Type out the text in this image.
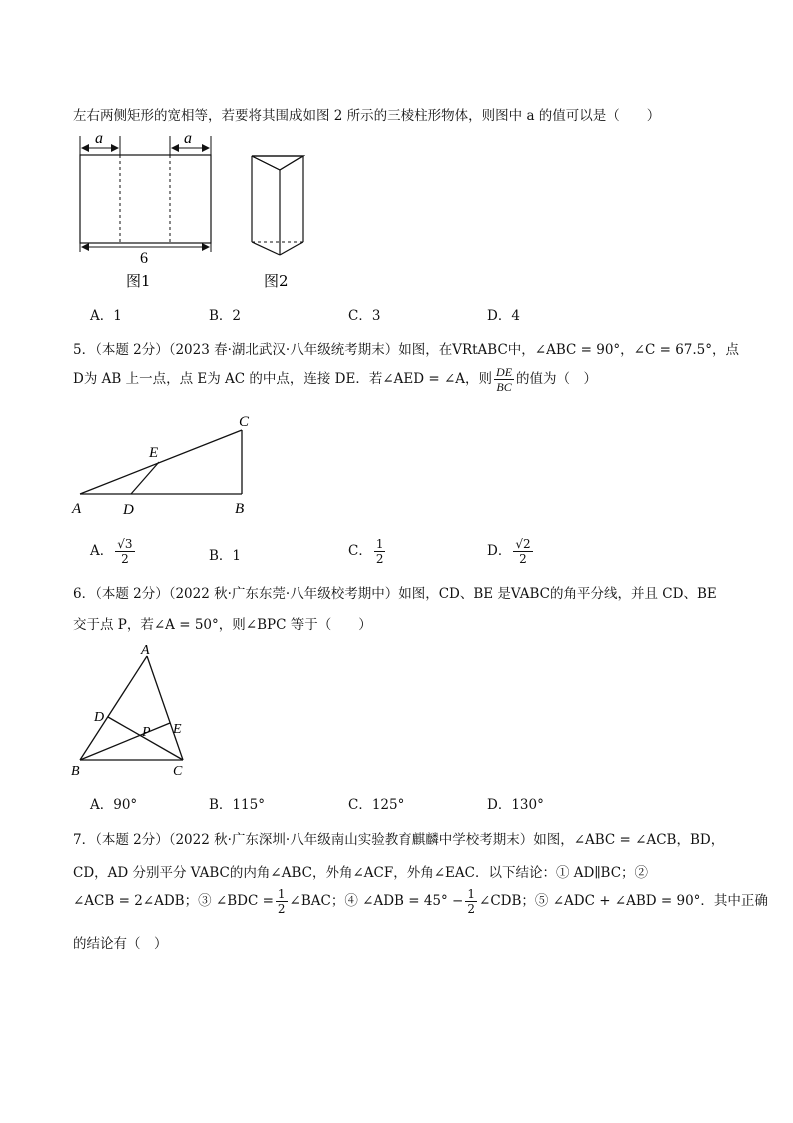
左右两侧矩形的宽相等，若要将其围成如图 2 所示的三棱柱形物体，则图中 a 的值可以是（　　）
a	a
6
图1	图2
A．1	B．2	C．3	D．4
5．（本题 2分）（2023 春·湖北武汉·八年级统考期末）如图，在VRtABC中，∠ABC = 90°，∠C = 67.5°，点
D为 AB 上一点，点 E为 AC 的中点，连接 DE．若∠AED = ∠A，则 $\frac{DE}{BC}$ 的值为（　）
A	D	B
C
E
A． $\frac{√3}{2}$	B．1	C． $\frac{1}{2}$	D． $\frac{√2}{2}$
6．（本题 2分）（2022 秋·广东东莞·八年级校考期中）如图，CD、BE 是VABC的角平分线，并且 CD、BE
交于点 P，若∠A = 50°，则∠BPC 等于（　　）
A
D
P E
B	C
A．90°	B．115°	C．125°	D．130°
7．（本题 2分）（2022 秋·广东深圳·八年级南山实验教育麒麟中学校考期末）如图，∠ABC = ∠ACB，BD，
CD，AD 分别平分 VABC的内角∠ABC，外角∠ACF，外角∠EAC．以下结论：① AD∥BC；②
∠ACB = 2∠ADB；③ ∠BDC = $\frac{1}{2}$ ∠BAC；④ ∠ADB = $45^\circ - \frac{1}{2}$ ∠CDB；⑤ ∠ADC + ∠ABD = 90°．其中正确
的结论有（　）
